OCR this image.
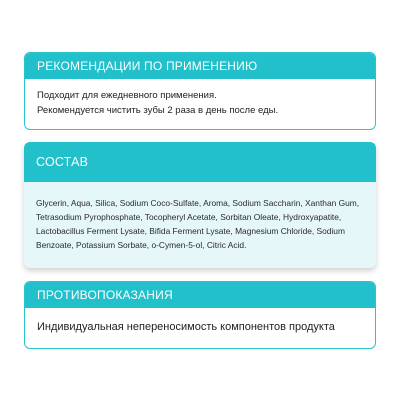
РЕКОМЕНДАЦИИ ПО ПРИМЕНЕНИЮ
Подходит для ежедневного применения.
Рекомендуется чистить зубы 2 раза в день после еды.
СОСТАВ
Glycerin, Aqua, Silica, Sodium Coco-Sulfate, Aroma, Sodium Saccharin, Xanthan Gum, Tetrasodium Pyrophosphate, Tocopheryl Acetate, Sorbitan Oleate, Hydroxyapatite, Lactobacillus Ferment Lysate, Bifida Ferment Lysate, Magnesium Chloride, Sodium Benzoate, Potassium Sorbate, o-Cymen-5-ol, Citric Acid.
ПРОТИВОПОКАЗАНИЯ
Индивидуальная непереносимость компонентов продукта
